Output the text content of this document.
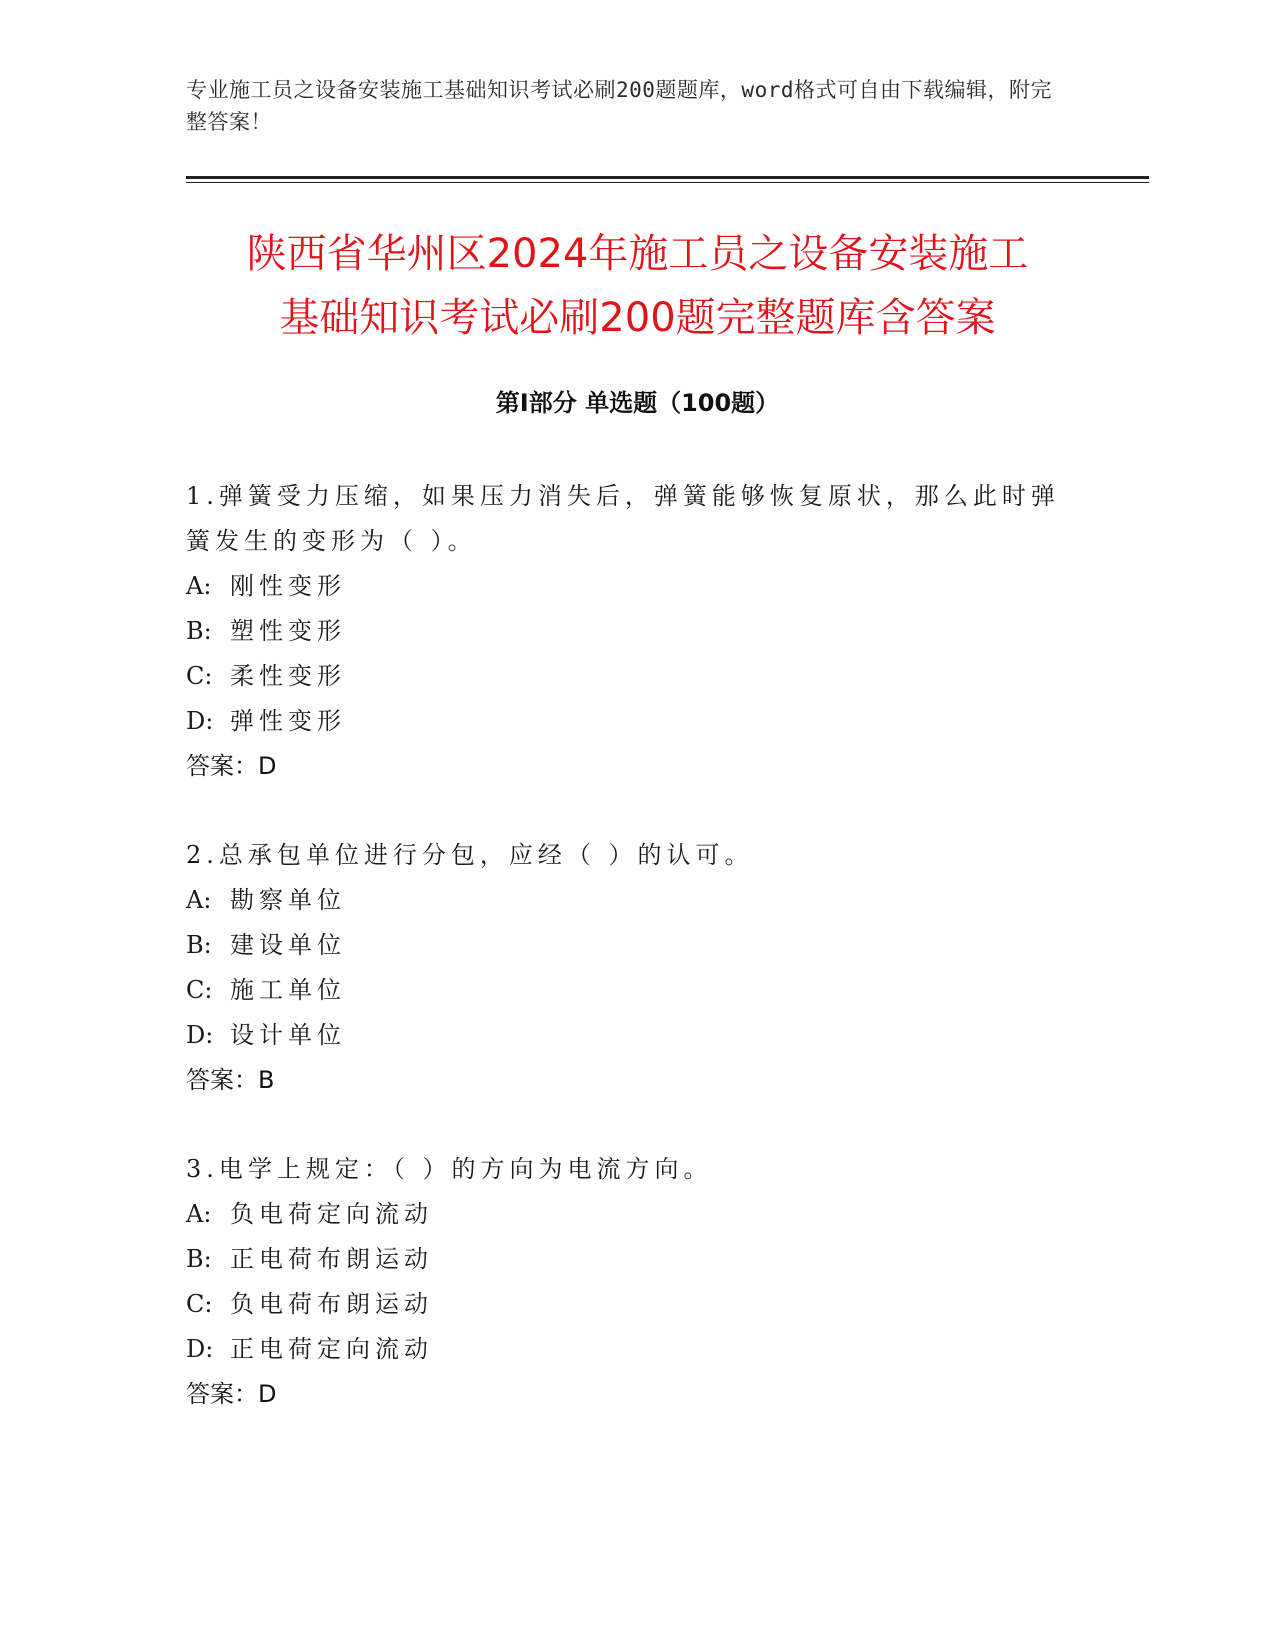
专业施工员之设备安装施工基础知识考试必刷200题题库，word格式可自由下载编辑，附完整答案！
陕西省华州区2024年施工员之设备安装施工
基础知识考试必刷200题完整题库含答案
第Ⅰ部分 单选题（100题）

1.弹簧受力压缩，如果压力消失后，弹簧能够恢复原状，那么此时弹簧发生的变形为（ ）。

A: 刚性变形

B: 塑性变形

C: 柔性变形

D: 弹性变形

答案：D

2.总承包单位进行分包，应经（ ）的认可。

A: 勘察单位

B: 建设单位

C: 施工单位

D: 设计单位

答案：B

3.电学上规定：（ ）的方向为电流方向。

A: 负电荷定向流动

B: 正电荷布朗运动

C: 负电荷布朗运动

D: 正电荷定向流动

答案：D
